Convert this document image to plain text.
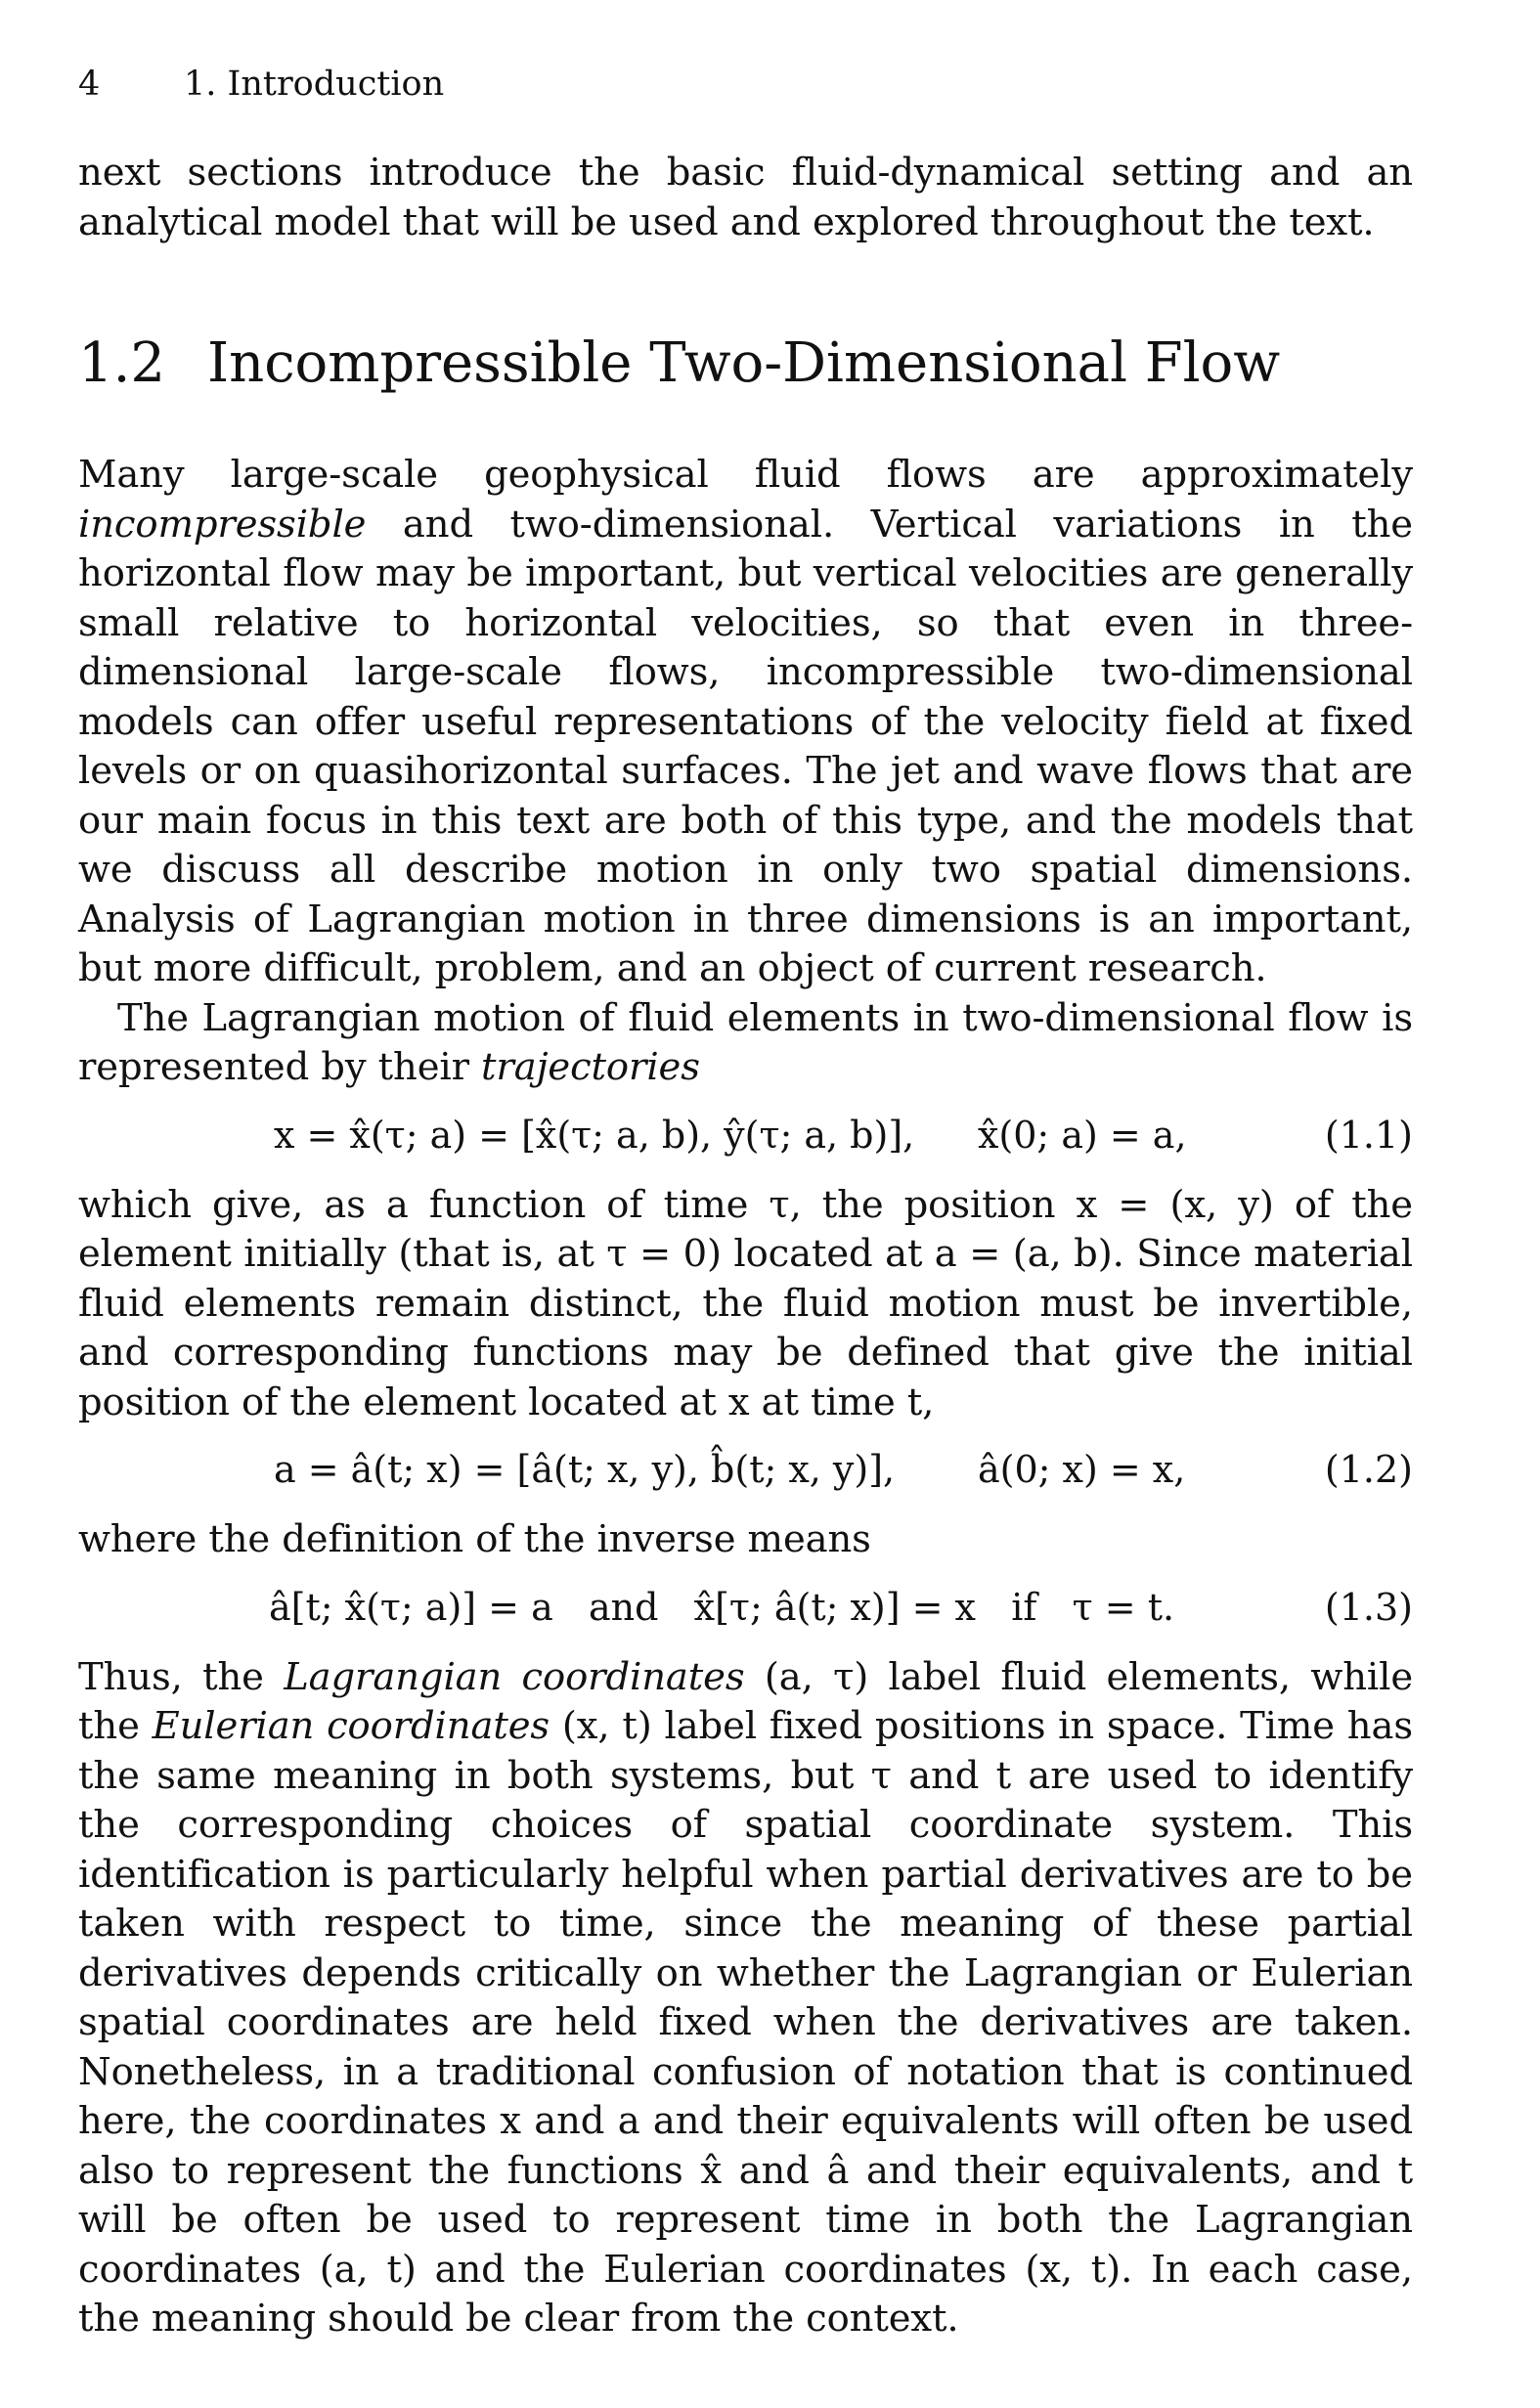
4	1. Introduction

next sections introduce the basic fluid-dynamical setting and an analytical model that will be used and explored throughout the text.

1.2 Incompressible Two-Dimensional Flow

Many large-scale geophysical fluid flows are approximately incompressible and two-dimensional. Vertical variations in the horizontal flow may be important, but vertical velocities are generally small relative to horizontal velocities, so that even in three-dimensional large-scale flows, incompressible two-dimensional models can offer useful representations of the velocity field at fixed levels or on quasihorizontal surfaces. The jet and wave flows that are our main focus in this text are both of this type, and the models that we discuss all describe motion in only two spatial dimensions. Analysis of Lagrangian motion in three dimensions is an important, but more difficult, problem, and an object of current research.

The Lagrangian motion of fluid elements in two-dimensional flow is represented by their trajectories

x = x̂(τ; a) = [x̂(τ; a, b), ŷ(τ; a, b)], x̂(0; a) = a,	(1.1)

which give, as a function of time τ, the position x = (x, y) of the element initially (that is, at τ = 0) located at a = (a, b). Since material fluid elements remain distinct, the fluid motion must be invertible, and corresponding functions may be defined that give the initial position of the element located at x at time t,

a = â(t; x) = [â(t; x, y), b̂(t; x, y)], â(0; x) = x,	(1.2)

where the definition of the inverse means

â[t; x̂(τ; a)] = a   and   x̂[τ; â(t; x)] = x   if   τ = t.	(1.3)

Thus, the Lagrangian coordinates (a, τ) label fluid elements, while the Eulerian coordinates (x, t) label fixed positions in space. Time has the same meaning in both systems, but τ and t are used to identify the corresponding choices of spatial coordinate system. This identification is particularly helpful when partial derivatives are to be taken with respect to time, since the meaning of these partial derivatives depends critically on whether the Lagrangian or Eulerian spatial coordinates are held fixed when the derivatives are taken. Nonetheless, in a traditional confusion of notation that is continued here, the coordinates x and a and their equivalents will often be used also to represent the functions x̂ and â and their equivalents, and t will be often be used to represent time in both the Lagrangian coordinates (a, t) and the Eulerian coordinates (x, t). In each case, the meaning should be clear from the context.
